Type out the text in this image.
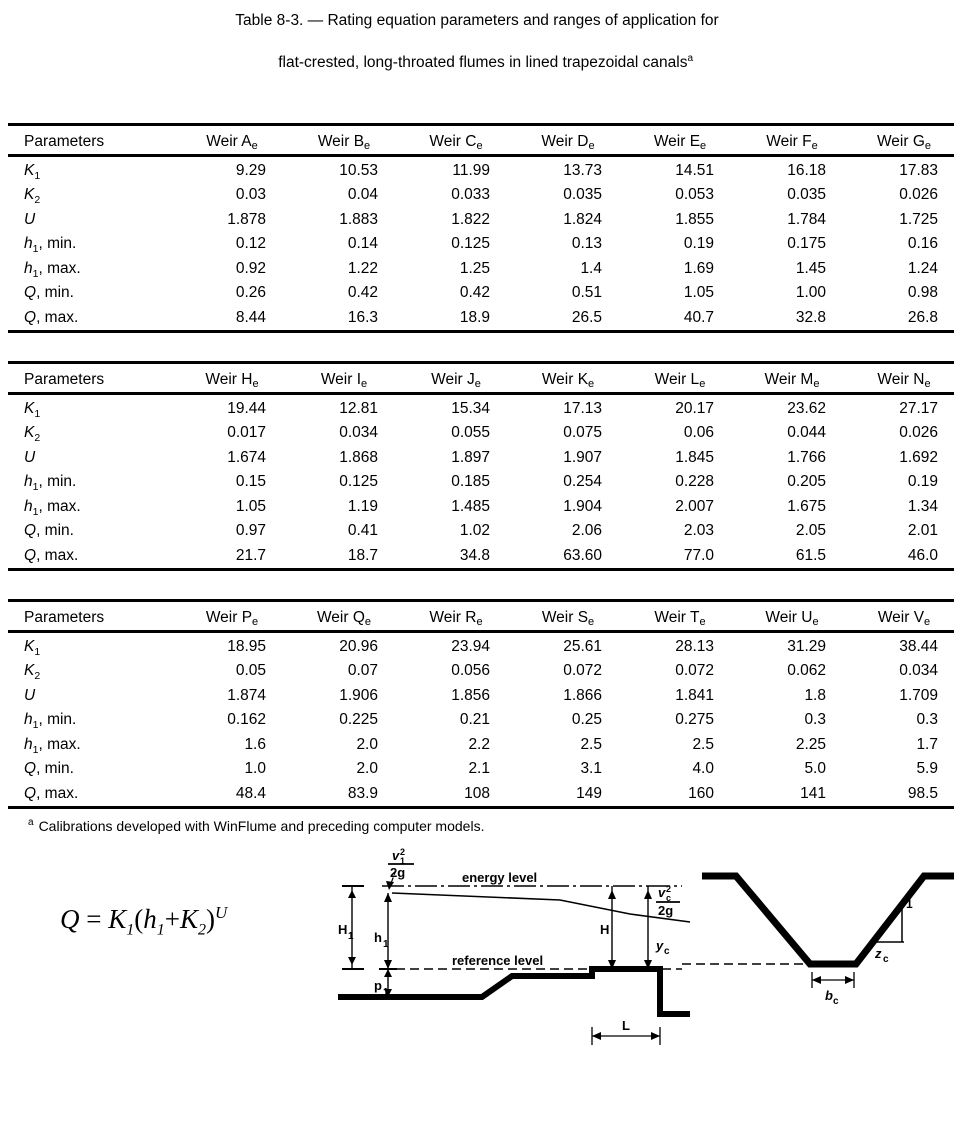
Table 8-3. — Rating equation parameters and ranges of application for

flat-crested, long-throated flumes in lined trapezoidal canals$^a$

Parameters	Weir $A_e$	Weir $B_e$	Weir $C_e$	Weir $D_e$	Weir $E_e$	Weir $F_e$	Weir $G_e$
$K_1$	9.29	10.53	11.99	13.73	14.51	16.18	17.83
$K_2$	0.03	0.04	0.033	0.035	0.053	0.035	0.026
U	1.878	1.883	1.822	1.824	1.855	1.784	1.725
$h_1$, min.	0.12	0.14	0.125	0.13	0.19	0.175	0.16
$h_1$, max.	0.92	1.22	1.25	1.4	1.69	1.45	1.24
Q, min.	0.26	0.42	0.42	0.51	1.05	1.00	0.98
Q, max.	8.44	16.3	18.9	26.5	40.7	32.8	26.8
Parameters	Weir $H_e$	Weir $I_e$	Weir $J_e$	Weir $K_e$	Weir $L_e$	Weir $M_e$	Weir $N_e$
$K_1$	19.44	12.81	15.34	17.13	20.17	23.62	27.17
$K_2$	0.017	0.034	0.055	0.075	0.06	0.044	0.026
U	1.674	1.868	1.897	1.907	1.845	1.766	1.692
$h_1$, min.	0.15	0.125	0.185	0.254	0.228	0.205	0.19
$h_1$, max.	1.05	1.19	1.485	1.904	2.007	1.675	1.34
Q, min.	0.97	0.41	1.02	2.06	2.03	2.05	2.01
Q, max.	21.7	18.7	34.8	63.60	77.0	61.5	46.0
Parameters	Weir $P_e$	Weir $Q_e$	Weir $R_e$	Weir $S_e$	Weir $T_e$	Weir $U_e$	Weir $V_e$
$K_1$	18.95	20.96	23.94	25.61	28.13	31.29	38.44
$K_2$	0.05	0.07	0.056	0.072	0.072	0.062	0.034
U	1.874	1.906	1.856	1.866	1.841	1.8	1.709
$h_1$, min.	0.162	0.225	0.21	0.25	0.275	0.3	0.3
$h_1$, max.	1.6	2.0	2.2	2.5	2.5	2.25	1.7
Q, min.	1.0	2.0	2.1	3.1	4.0	5.0	5.9
Q, max.	48.4	83.9	108	149	160	141	98.5
$^a$ Calibrations developed with WinFlume and preceding computer models.
$Q = K_1(h_1+K_2)^U$
H 1 h 1
p 1
v 2
1
2g	energy level
reference level
H
y c
v 2
c
2g
L
1
z c
b c
